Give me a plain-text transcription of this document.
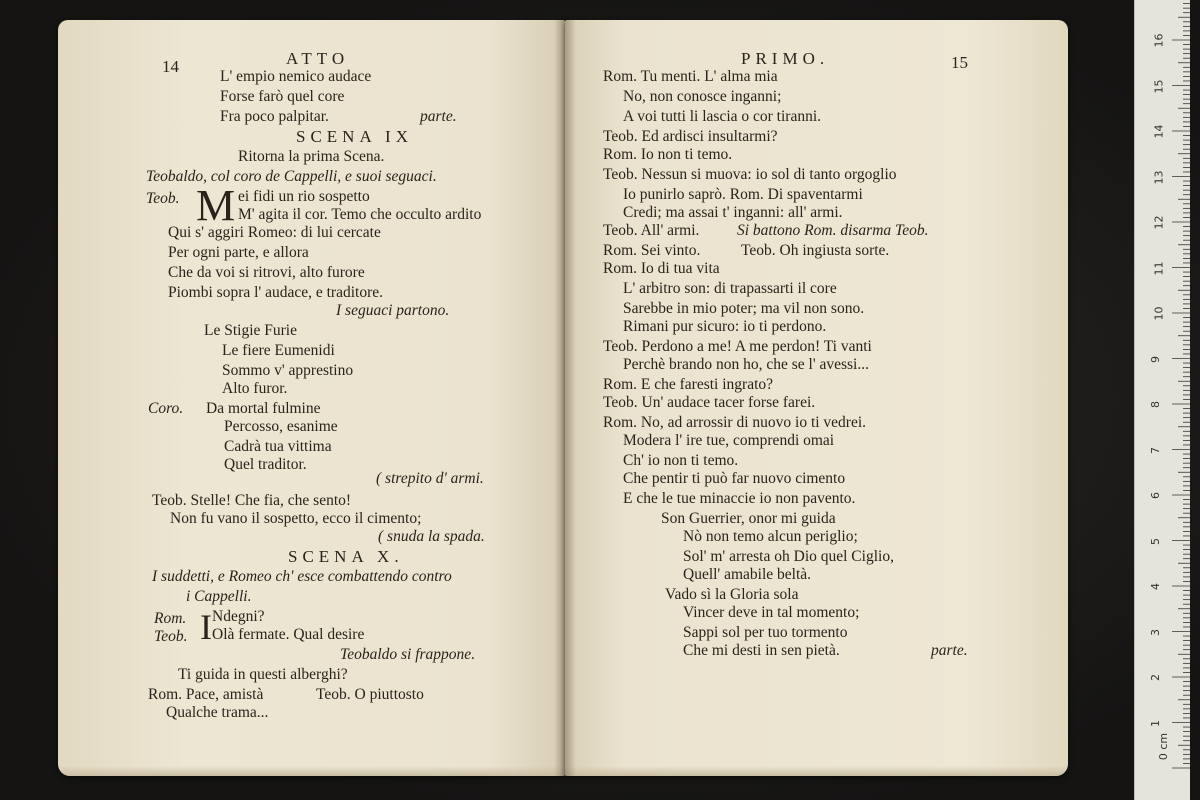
14	ATTO
L' empio nemico audace
Forse farò quel core
Fra poco palpitar.	parte.
SCENA IX
Ritorna la prima Scena.
Teobaldo, col coro de Cappelli, e suoi seguaci.
Teob. M ei fidi un rio sospetto
M' agita il cor. Temo che occulto ardito
Qui s' aggiri Romeo: di lui cercate
Per ogni parte, e allora
Che da voi si ritrovi, alto furore
Piombi sopra l' audace, e traditore.
I seguaci partono.
Le Stigie Furie
Le fiere Eumenidi
Sommo v' apprestino
Alto furor.
Coro. Da mortal fulmine
Percosso, esanime
Cadrà tua vittima
Quel traditor.
( strepito d' armi.
Teob. Stelle! Che fia, che sento!
Non fu vano il sospetto, ecco il cimento;
( snuda la spada.
SCENA X.
I suddetti, e Romeo ch' esce combattendo contro
i Cappelli.
Rom. I Ndegni?
Teob. Olà fermate. Qual desire
Teobaldo si frappone.
Ti guida in questi alberghi?
Rom. Pace, amistà	Teob. O piuttosto
Qualche trama...
PRIMO.	15
Rom. Tu menti. L' alma mia
No, non conosce inganni;
A voi tutti li lascia o cor tiranni.
Teob. Ed ardisci insultarmi?
Rom. Io non ti temo.
Teob. Nessun si muova: io sol di tanto orgoglio
Io punirlo saprò. Rom. Di spaventarmi
Credi; ma assai t' inganni: all' armi.
Teob. All' armi. Si battono Rom. disarma Teob.
Rom. Sei vinto.	Teob. Oh ingiusta sorte.
Rom. Io di tua vita
L' arbitro son: di trapassarti il core
Sarebbe in mio poter; ma vil non sono.
Rimani pur sicuro: io ti perdono.
Teob. Perdono a me! A me perdon! Ti vanti
Perchè brando non ho, che se l' avessi...
Rom. E che faresti ingrato?
Teob. Un' audace tacer forse farei.
Rom. No, ad arrossir di nuovo io ti vedrei.
Modera l' ire tue, comprendi omai
Ch' io non ti temo.
Che pentir ti può far nuovo cimento
E che le tue minaccie io non pavento.
Son Guerrier, onor mi guida
Nò non temo alcun periglio;
Sol' m' arresta oh Dio quel Ciglio,
Quell' amabile beltà.
Vado sì la Gloria sola
Vincer deve in tal momento;
Sappi sol per tuo tormento
Che mi desti in sen pietà.	parte.
1
2
3
4
5
6
7
8
9
10
11
12
13
14
15
16
0 cm
